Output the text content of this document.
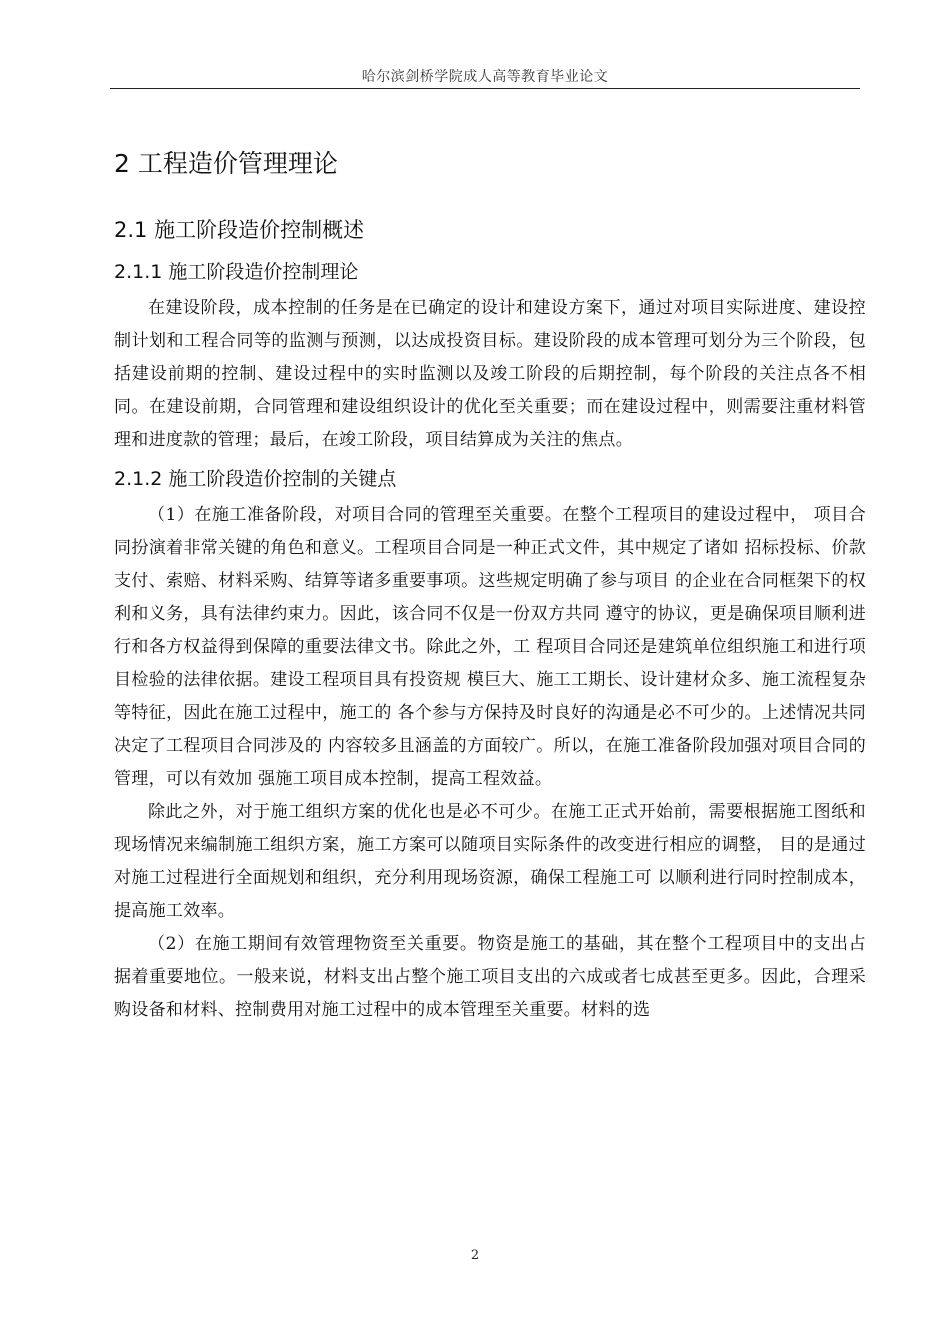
哈尔滨剑桥学院成人高等教育毕业论文
2 工程造价管理理论
2.1 施工阶段造价控制概述
2.1.1 施工阶段造价控制理论

在建设阶段，成本控制的任务是在已确定的设计和建设方案下，通过对项目实际进度、建设控制计划和工程合同等的监测与预测，以达成投资目标。建设阶段的成本管理可划分为三个阶段，包括建设前期的控制、建设过程中的实时监测以及竣工阶段的后期控制，每个阶段的关注点各不相同。在建设前期，合同管理和建设组织设计的优化至关重要；而在建设过程中，则需要注重材料管理和进度款的管理；最后，在竣工阶段，项目结算成为关注的焦点。

2.1.2 施工阶段造价控制的关键点

（1）在施工准备阶段，对项目合同的管理至关重要。在整个工程项目的建设过程中， 项目合同扮演着非常关键的角色和意义。工程项目合同是一种正式文件，其中规定了诸如 招标投标、价款支付、索赔、材料采购、结算等诸多重要事项。这些规定明确了参与项目 的企业在合同框架下的权利和义务，具有法律约束力。因此，该合同不仅是一份双方共同 遵守的协议，更是确保项目顺利进行和各方权益得到保障的重要法律文书。除此之外，工 程项目合同还是建筑单位组织施工和进行项目检验的法律依据。建设工程项目具有投资规 模巨大、施工工期长、设计建材众多、施工流程复杂等特征，因此在施工过程中，施工的 各个参与方保持及时良好的沟通是必不可少的。上述情况共同决定了工程项目合同涉及的 内容较多且涵盖的方面较广。所以，在施工准备阶段加强对项目合同的管理，可以有效加 强施工项目成本控制，提高工程效益。

除此之外，对于施工组织方案的优化也是必不可少。在施工正式开始前，需要根据施工图纸和现场情况来编制施工组织方案，施工方案可以随项目实际条件的改变进行相应的调整， 目的是通过对施工过程进行全面规划和组织，充分利用现场资源，确保工程施工可 以顺利进行同时控制成本，提高施工效率。

（2）在施工期间有效管理物资至关重要。物资是施工的基础，其在整个工程项目中的支出占据着重要地位。一般来说，材料支出占整个施工项目支出的六成或者七成甚至更多。因此，合理采购设备和材料、控制费用对施工过程中的成本管理至关重要。材料的选

2
